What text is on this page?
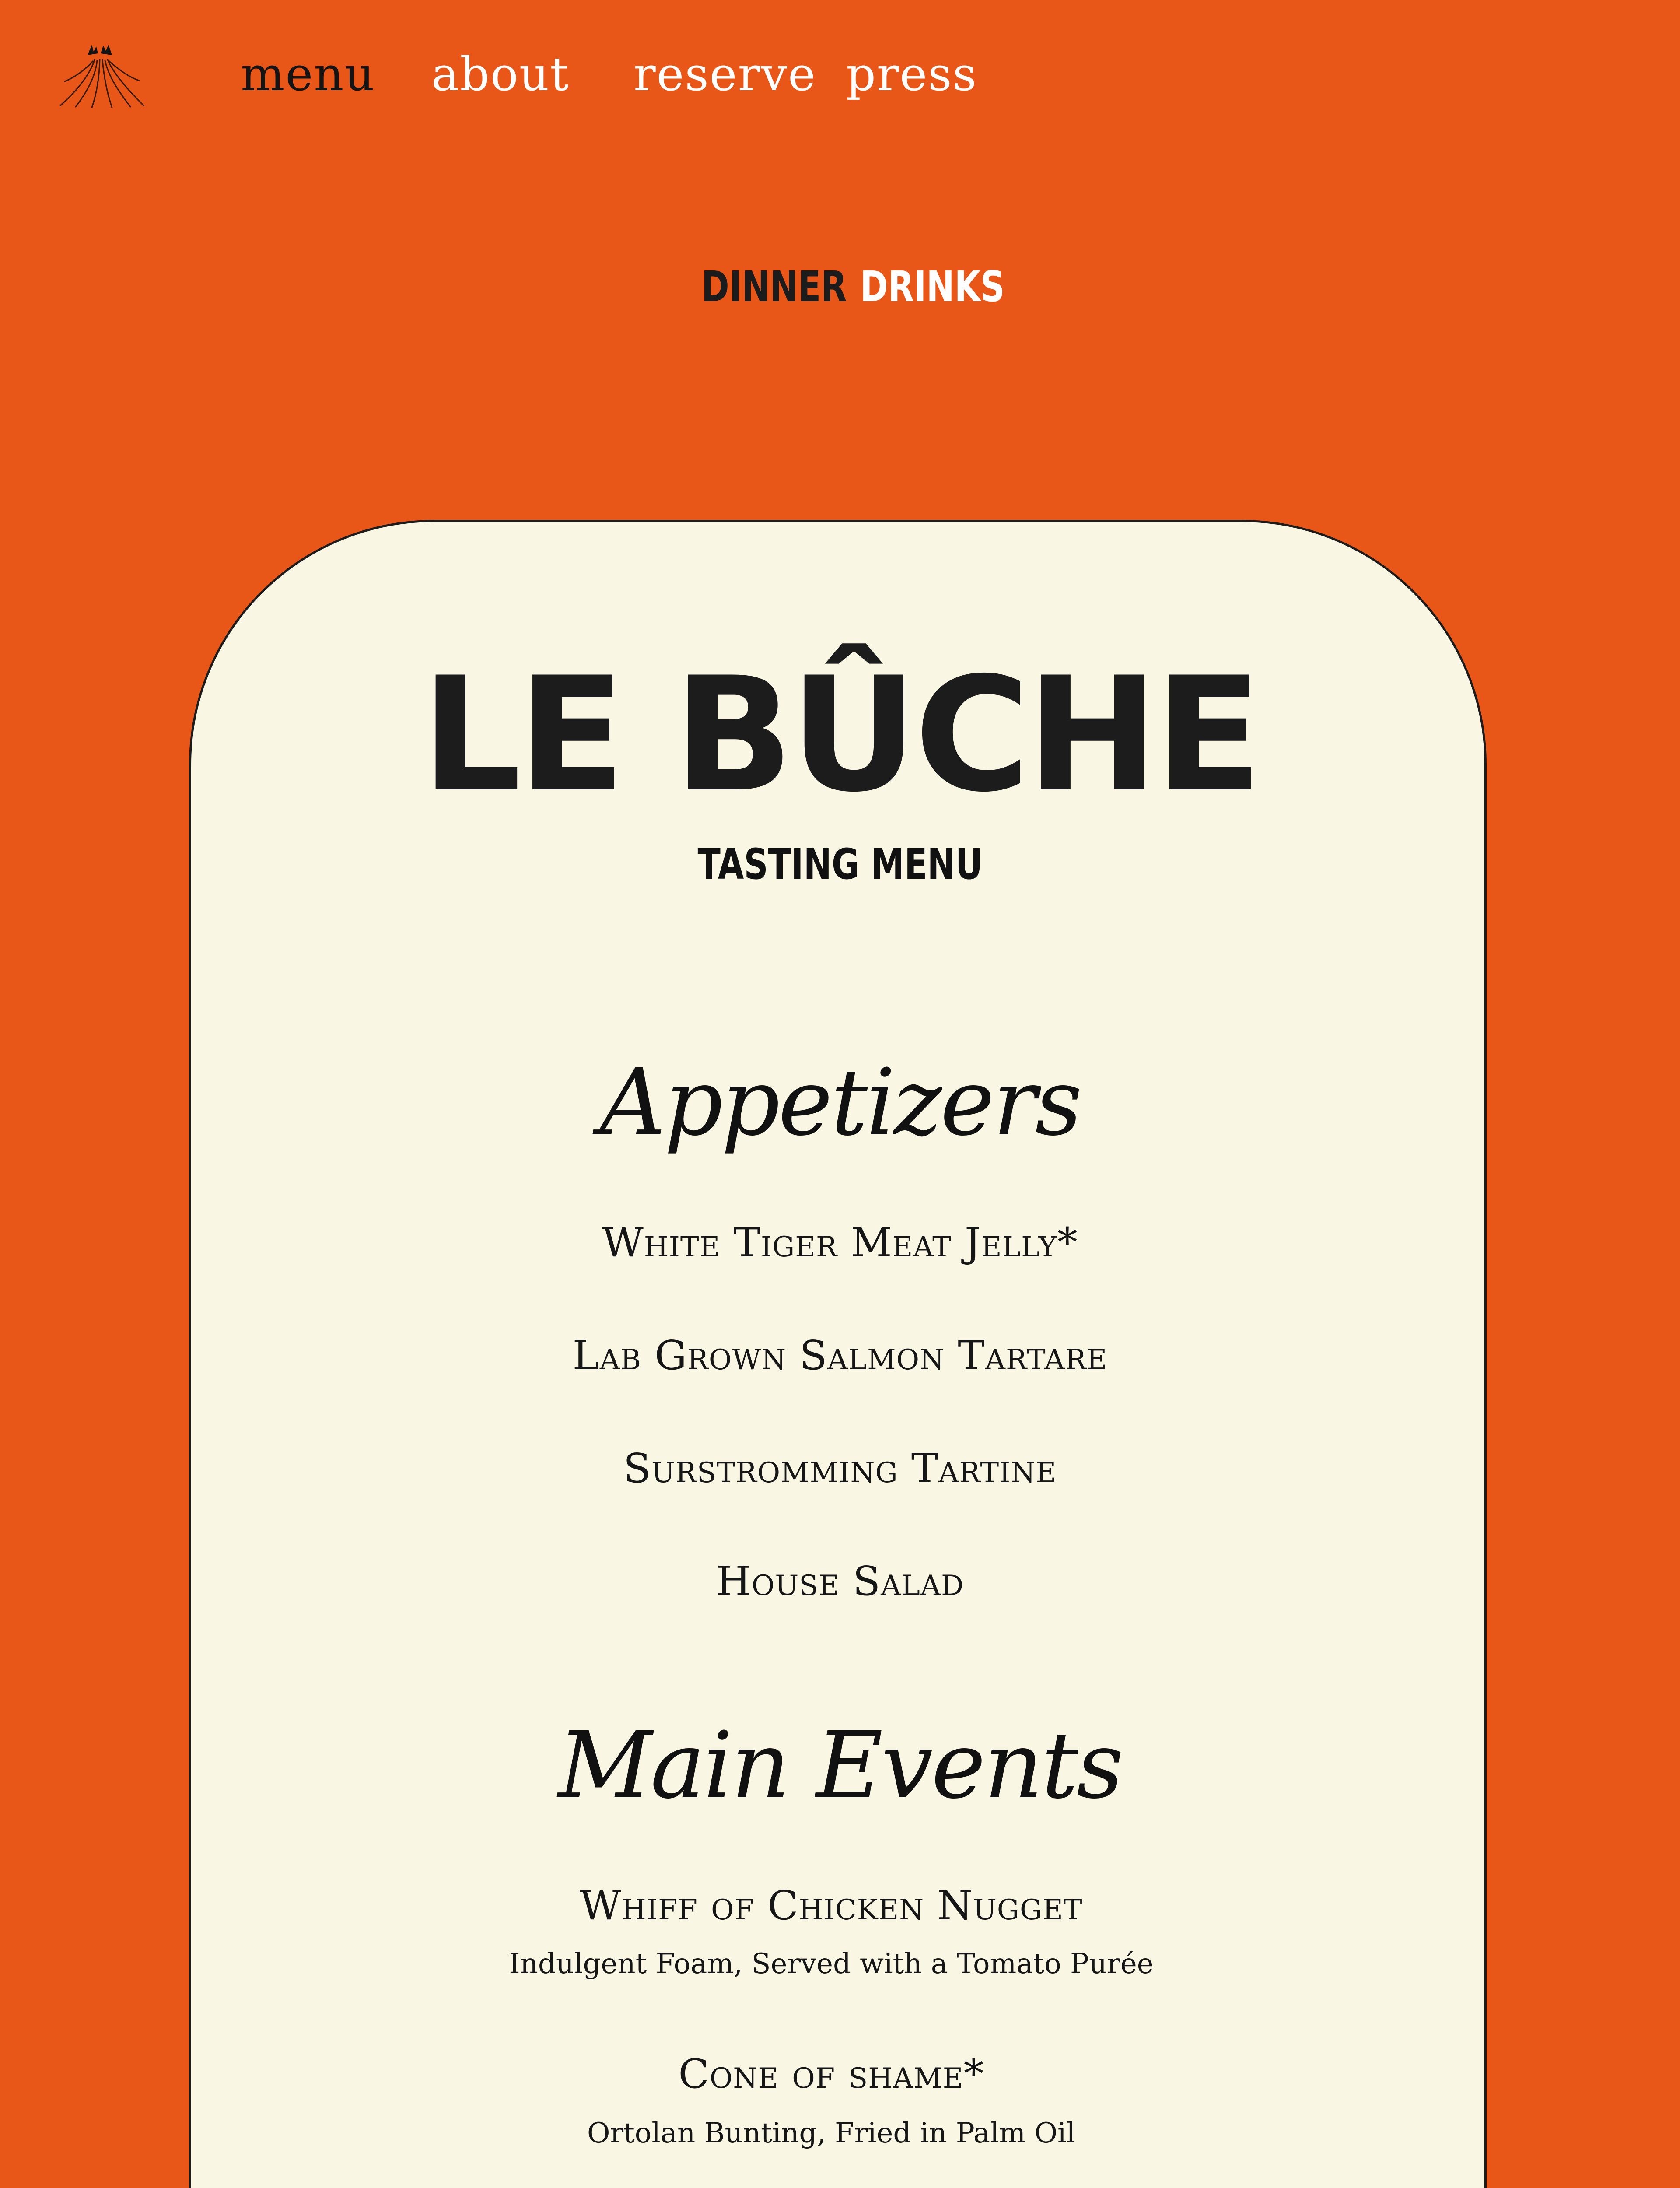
menu about reserve press
DINNER DRINKS
LE BÛCHE
TASTING MENU
Appetizers
White Tiger Meat Jelly*
Lab Grown Salmon Tartare
Surstromming Tartine
House Salad
Main Events
Whiff of Chicken Nugget
Indulgent Foam, Served with a Tomato Purée
Cone of shame*
Ortolan Bunting, Fried in Palm Oil
